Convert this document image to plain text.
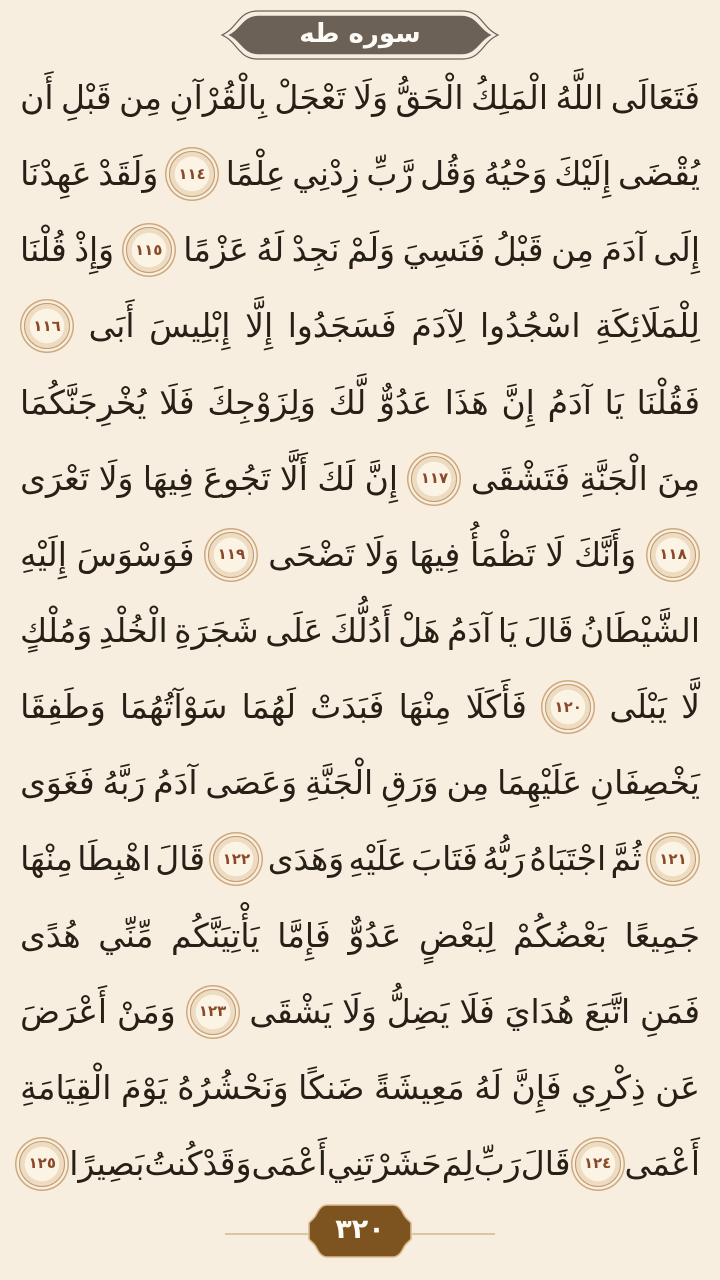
سوره طه
فَتَعَالَى
اللَّهُ
الْمَلِكُ
الْحَقُّ
وَلَا
تَعْجَلْ
بِالْقُرْآنِ
مِن
قَبْلِ
أَن
يُقْضَى
إِلَيْكَ
وَحْيُهُ
وَقُل
رَّبِّ
زِدْنِي
عِلْمًا
١١٤
وَلَقَدْ
عَهِدْنَا
إِلَى
آدَمَ
مِن
قَبْلُ
فَنَسِيَ
وَلَمْ
نَجِدْ
لَهُ
عَزْمًا
١١٥
وَإِذْ
قُلْنَا
لِلْمَلَائِكَةِ
اسْجُدُوا
لِآدَمَ
فَسَجَدُوا
إِلَّا
إِبْلِيسَ
أَبَى
١١٦
فَقُلْنَا
يَا
آدَمُ
إِنَّ
هَذَا
عَدُوٌّ
لَّكَ
وَلِزَوْجِكَ
فَلَا
يُخْرِجَنَّكُمَا
مِنَ
الْجَنَّةِ
فَتَشْقَى
١١٧
إِنَّ
لَكَ
أَلَّا
تَجُوعَ
فِيهَا
وَلَا
تَعْرَى
١١٨
وَأَنَّكَ
لَا
تَظْمَأُ
فِيهَا
وَلَا
تَضْحَى
١١٩
فَوَسْوَسَ
إِلَيْهِ
الشَّيْطَانُ
قَالَ
يَا
آدَمُ
هَلْ
أَدُلُّكَ
عَلَى
شَجَرَةِ
الْخُلْدِ
وَمُلْكٍ
لَّا
يَبْلَى
١٢٠
فَأَكَلَا
مِنْهَا
فَبَدَتْ
لَهُمَا
سَوْآتُهُمَا
وَطَفِقَا
يَخْصِفَانِ
عَلَيْهِمَا
مِن
وَرَقِ
الْجَنَّةِ
وَعَصَى
آدَمُ
رَبَّهُ
فَغَوَى
١٢١
ثُمَّ
اجْتَبَاهُ
رَبُّهُ
فَتَابَ
عَلَيْهِ
وَهَدَى
١٢٢
قَالَ
اهْبِطَا
مِنْهَا
جَمِيعًا
بَعْضُكُمْ
لِبَعْضٍ
عَدُوٌّ
فَإِمَّا
يَأْتِيَنَّكُم
مِّنِّي
هُدًى
فَمَنِ
اتَّبَعَ
هُدَايَ
فَلَا
يَضِلُّ
وَلَا
يَشْقَى
١٢٣
وَمَنْ
أَعْرَضَ
عَن
ذِكْرِي
فَإِنَّ
لَهُ
مَعِيشَةً
ضَنكًا
وَنَحْشُرُهُ
يَوْمَ
الْقِيَامَةِ
أَعْمَى
١٢٤
قَالَ
رَبِّ
لِمَ
حَشَرْتَنِي
أَعْمَى
وَقَدْ
كُنتُ
بَصِيرًا
١٢٥
٣٢٠
